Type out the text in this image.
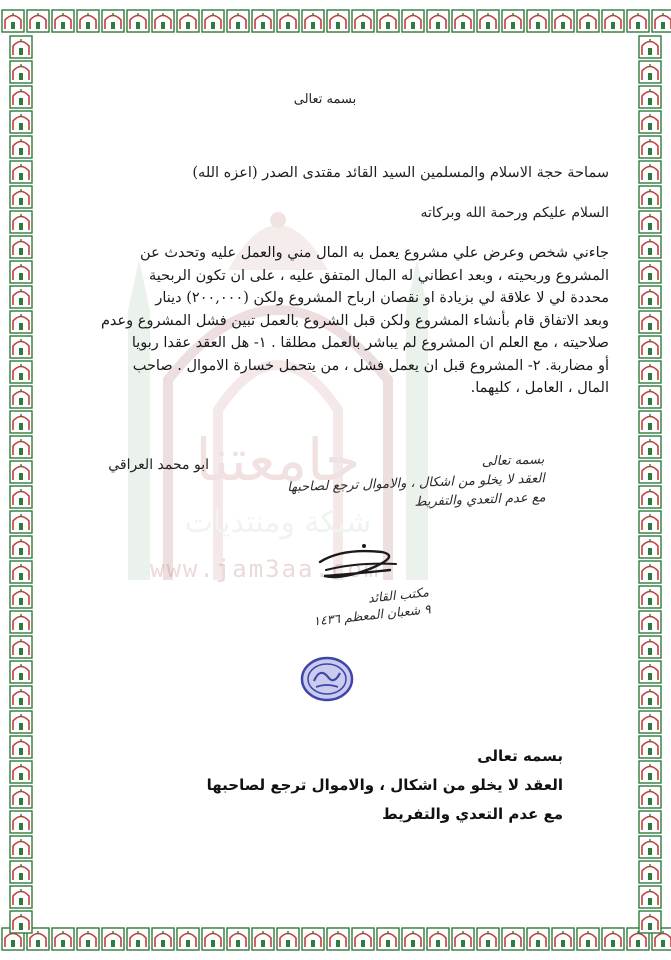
جامعتنا
شبكة ومنتديات
www.jam3aa.com
بسمه تعالى
سماحة حجة الاسلام والمسلمين السيد القائد مقتدى الصدر (اعزه الله)
السلام عليكم ورحمة الله وبركاته
جاءني شخص وعرض علي مشروع يعمل به المال مني والعمل عليه وتحدث عن
المشروع وربحيته ، وبعد اعطاني له المال المتفق عليه ، على ان تكون الربحية
محددة لي لا علاقة لي بزيادة او نقصان ارباح المشروع ولكن (٢٠٠,٠٠٠) دينار
وبعد الاتفاق قام بأنشاء المشروع ولكن قبل الشروع بالعمل تبين فشل المشروع وعدم
صلاحيته ، مع العلم ان المشروع لم يباشر بالعمل مطلقا . ١- هل العقد عقدا ربويا
أو مضاربة. ٢- المشروع قبل ان يعمل فشل ، من يتحمل خسارة الاموال . صاحب
المال ، العامل ، كليهما.
ابو محمد العراقي	بسمه تعالى
العقد لا يخلو من اشكال ، والاموال ترجع لصاحبها
مع عدم التعدي والتفريط
مكتب القائد
٩ شعبان المعظم ١٤٣٦
بسمه تعالى
العقد لا يخلو من اشكال ، والاموال ترجع لصاحبها
مع عدم التعدي والتفريط
